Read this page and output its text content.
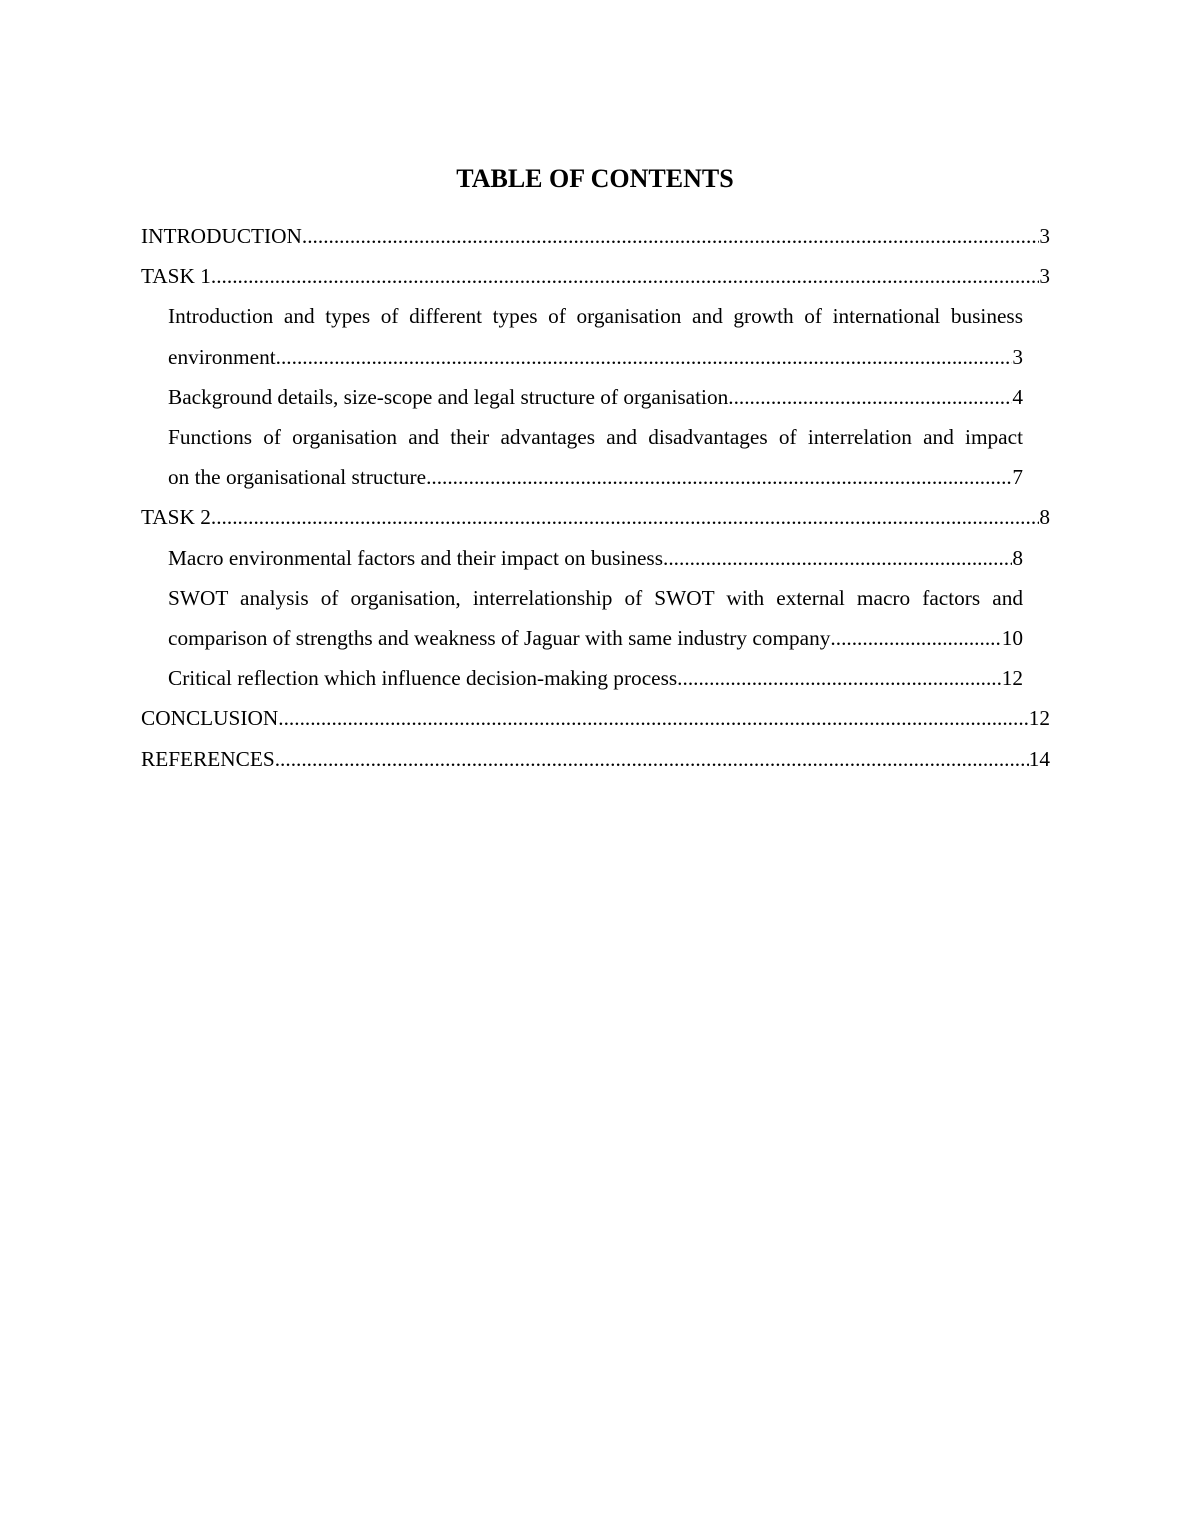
TABLE OF CONTENTS
INTRODUCTION .....	3
TASK 1 .....	3
Introduction and types of different types of organisation and growth of international business
environment .....	3
Background details, size-scope and legal structure of organisation .....	4
Functions of organisation and their advantages and disadvantages of interrelation and impact
on the organisational structure .....	7
TASK 2 .....	8
Macro environmental factors and their impact on business .....	8
SWOT analysis of organisation, interrelationship of SWOT with external macro factors and
comparison of strengths and weakness of Jaguar with same industry company .....	10
Critical reflection which influence decision-making process .....	12
CONCLUSION .....	12
REFERENCES .....	14
